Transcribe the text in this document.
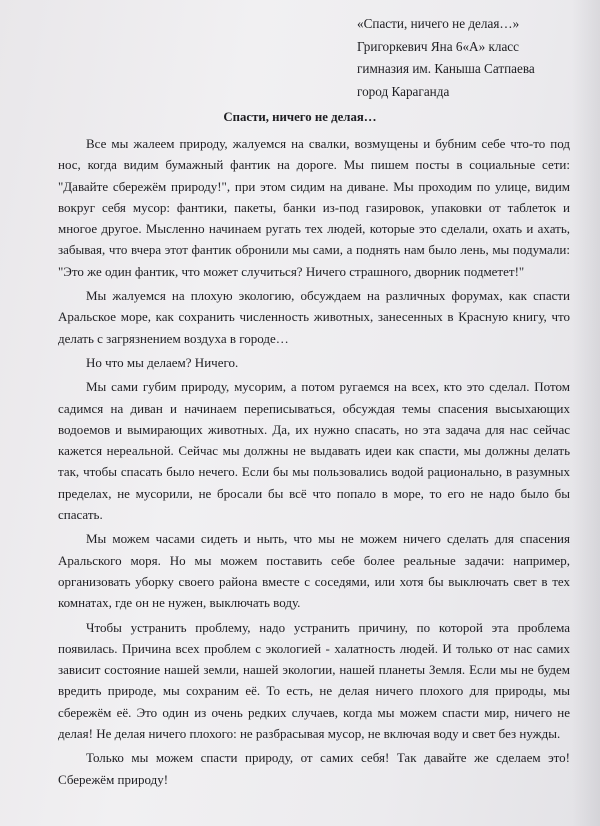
«Спасти, ничего не делая…»
Григоркевич Яна 6«А» класс
гимназия им. Каныша Сатпаева
город Караганда
Спасти, ничего не делая…

Все мы жалеем природу, жалуемся на свалки, возмущены и бубним себе что-то под нос, когда видим бумажный фантик на дороге. Мы пишем посты в социальные сети: "Давайте сбережём природу!", при этом сидим на диване. Мы проходим по улице, видим вокруг себя мусор: фантики, пакеты, банки из-под газировок, упаковки от таблеток и многое другое. Мысленно начинаем ругать тех людей, которые это сделали, охать и ахать, забывая, что вчера этот фантик обронили мы сами, а поднять нам было лень, мы подумали: "Это же один фантик, что может случиться? Ничего страшного, дворник подметет!"

Мы жалуемся на плохую экологию, обсуждаем на различных форумах, как спасти Аральское море, как сохранить численность животных, занесенных в Красную книгу, что делать с загрязнением воздуха в городе…

Но что мы делаем? Ничего.

Мы сами губим природу, мусорим, а потом ругаемся на всех, кто это сделал. Потом садимся на диван и начинаем переписываться, обсуждая темы спасения высыхающих водоемов и вымирающих животных. Да, их нужно спасать, но эта задача для нас сейчас кажется нереальной. Сейчас мы должны не выдавать идеи как спасти, мы должны делать так, чтобы спасать было нечего. Если бы мы пользовались водой рационально, в разумных пределах, не мусорили, не бросали бы всё что попало в море, то его не надо было бы спасать.

Мы можем часами сидеть и ныть, что мы не можем ничего сделать для спасения Аральского моря. Но мы можем поставить себе более реальные задачи: например, организовать уборку своего района вместе с соседями, или хотя бы выключать свет в тех комнатах, где он не нужен, выключать воду.

Чтобы устранить проблему, надо устранить причину, по которой эта проблема появилась. Причина всех проблем с экологией - халатность людей. И только от нас самих зависит состояние нашей земли, нашей экологии, нашей планеты Земля. Если мы не будем вредить природе, мы сохраним её. То есть, не делая ничего плохого для природы, мы сбережём её. Это один из очень редких случаев, когда мы можем спасти мир, ничего не делая! Не делая ничего плохого: не разбрасывая мусор, не включая воду и свет без нужды.

Только мы можем спасти природу, от самих себя! Так давайте же сделаем это! Сбережём природу!
